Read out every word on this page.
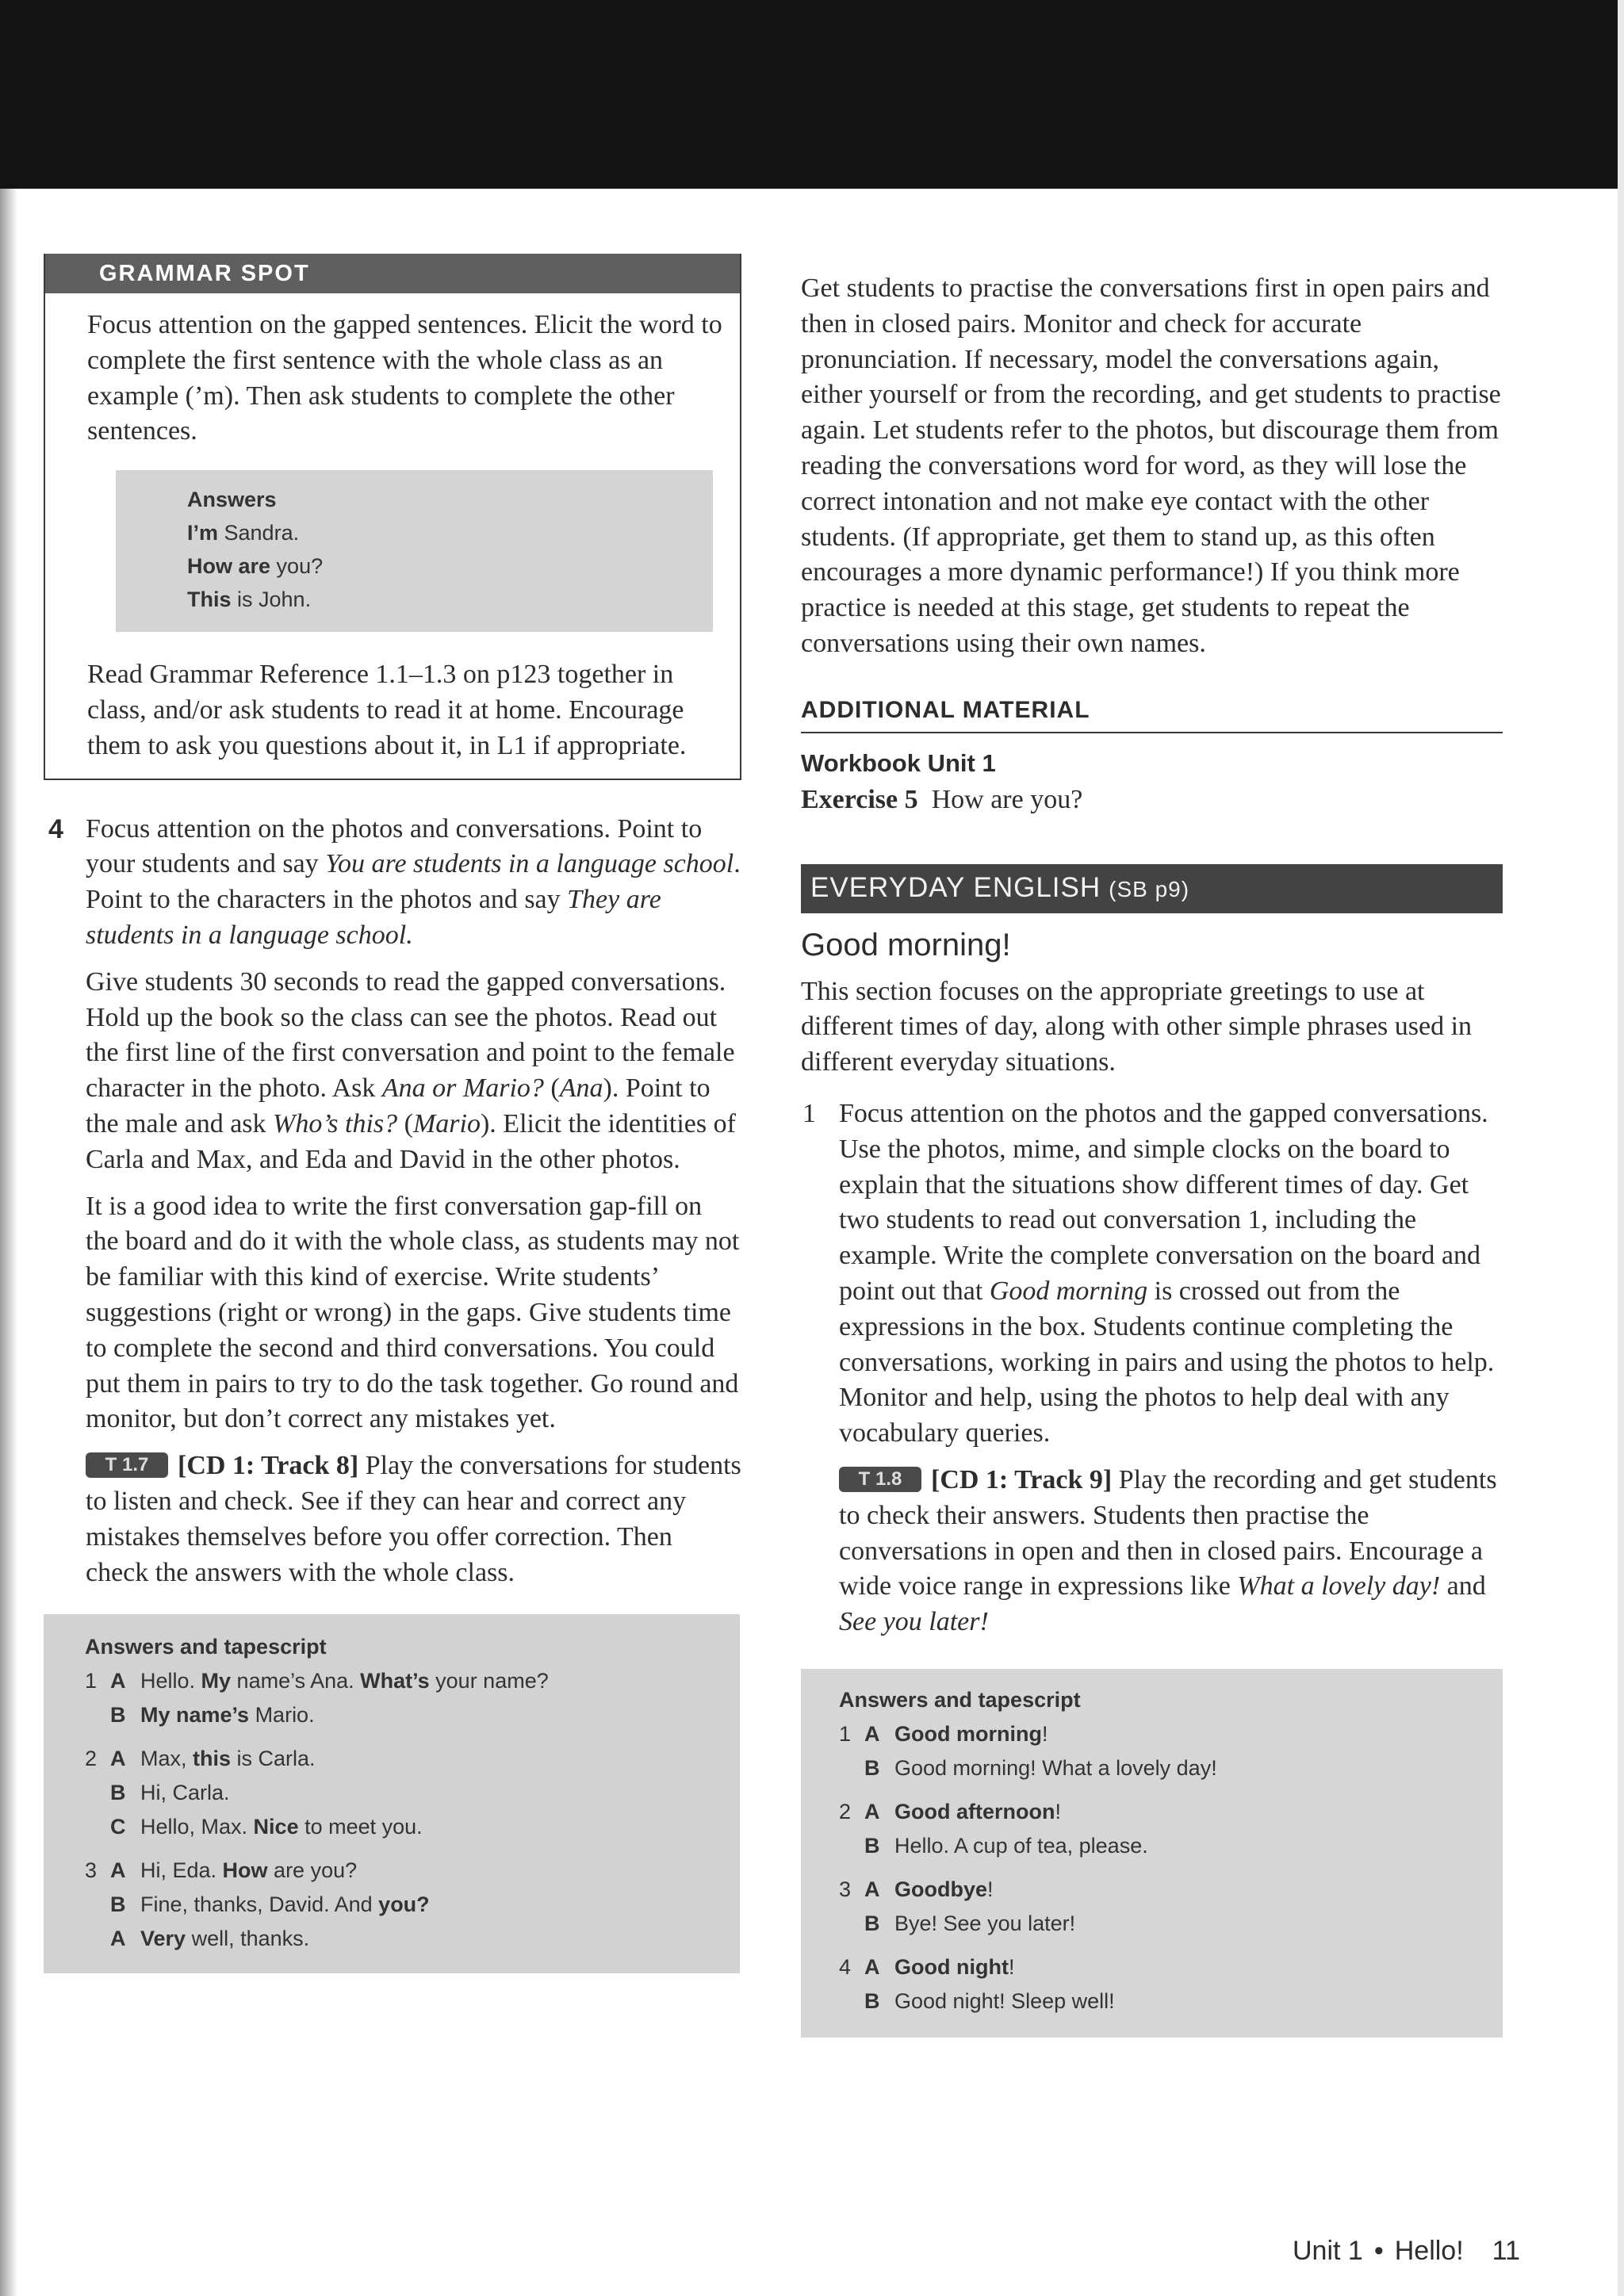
GRAMMAR SPOT

Focus attention on the gapped sentences. Elicit the word to complete the first sentence with the whole class as an example (’m). Then ask students to complete the other sentences.

Answers
I’m Sandra.
How are you?
This is John.

Read Grammar Reference 1.1–1.3 on p123 together in class, and/or ask students to read it at home. Encourage them to ask you questions about it, in L1 if appropriate.

4 Focus attention on the photos and conversations. Point to your students and say You are students in a language school. Point to the characters in the photos and say They are students in a language school.
Give students 30 seconds to read the gapped conversations. Hold up the book so the class can see the photos. Read out the first line of the first conversation and point to the female character in the photo. Ask Ana or Mario? (Ana). Point to the male and ask Who’s this? (Mario). Elicit the identities of Carla and Max, and Eda and David in the other photos.
It is a good idea to write the first conversation gap-fill on the board and do it with the whole class, as students may not be familiar with this kind of exercise. Write students’ suggestions (right or wrong) in the gaps. Give students time to complete the second and third conversations. You could put them in pairs to try to do the task together. Go round and monitor, but don’t correct any mistakes yet.
T 1.7 [CD 1: Track 8] Play the conversations for students to listen and check. See if they can hear and correct any mistakes themselves before you offer correction. Then check the answers with the whole class.
Answers and tapescript
1 A Hello. My name’s Ana. What’s your name?
B My name’s Mario.
2 A Max, this is Carla.
B Hi, Carla.
C Hello, Max. Nice to meet you.
3 A Hi, Eda. How are you?
B Fine, thanks, David. And you?
A Very well, thanks.

Get students to practise the conversations first in open pairs and then in closed pairs. Monitor and check for accurate pronunciation. If necessary, model the conversations again, either yourself or from the recording, and get students to practise again. Let students refer to the photos, but discourage them from reading the conversations word for word, as they will lose the correct intonation and not make eye contact with the other students. (If appropriate, get them to stand up, as this often encourages a more dynamic performance!) If you think more practice is needed at this stage, get students to repeat the conversations using their own names.

ADDITIONAL MATERIAL
Workbook Unit 1
Exercise 5 How are you?
EVERYDAY ENGLISH (SB p9)
Good morning!

This section focuses on the appropriate greetings to use at different times of day, along with other simple phrases used in different everyday situations.

1 Focus attention on the photos and the gapped conversations. Use the photos, mime, and simple clocks on the board to explain that the situations show different times of day. Get two students to read out conversation 1, including the example. Write the complete conversation on the board and point out that Good morning is crossed out from the expressions in the box. Students continue completing the conversations, working in pairs and using the photos to help. Monitor and help, using the photos to help deal with any vocabulary queries.
T 1.8 [CD 1: Track 9] Play the recording and get students to check their answers. Students then practise the conversations in open and then in closed pairs. Encourage a wide voice range in expressions like What a lovely day! and See you later!
Answers and tapescript
1 A Good morning!
B Good morning! What a lovely day!
2 A Good afternoon!
B Hello. A cup of tea, please.
3 A Goodbye!
B Bye! See you later!
4 A Good night!
B Good night! Sleep well!
Unit 1 • Hello! 11
